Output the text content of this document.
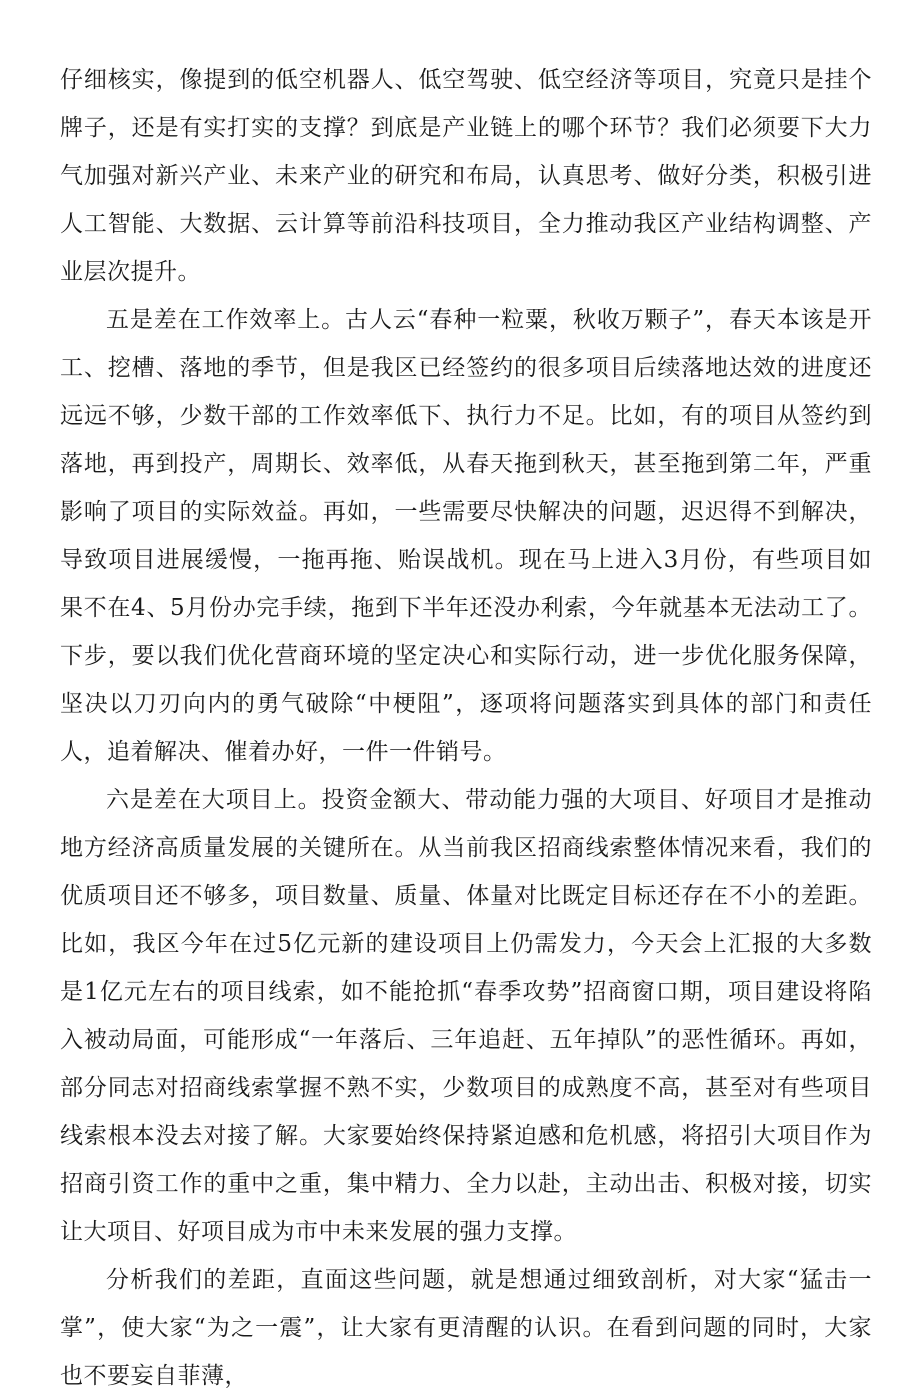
仔细核实，像提到的低空机器人、低空驾驶、低空经济等项目，究竟只是挂个牌子，还是有实打实的支撑？到底是产业链上的哪个环节？我们必须要下大力气加强对新兴产业、未来产业的研究和布局，认真思考、做好分类，积极引进人工智能、大数据、云计算等前沿科技项目，全力推动我区产业结构调整、产业层次提升。

五是差在工作效率上。古人云“春种一粒粟，秋收万颗子”，春天本该是开工、挖槽、落地的季节，但是我区已经签约的很多项目后续落地达效的进度还远远不够，少数干部的工作效率低下、执行力不足。比如，有的项目从签约到落地，再到投产，周期长、效率低，从春天拖到秋天，甚至拖到第二年，严重影响了项目的实际效益。再如，一些需要尽快解决的问题，迟迟得不到解决，导致项目进展缓慢，一拖再拖、贻误战机。现在马上进入3月份，有些项目如果不在4、5月份办完手续，拖到下半年还没办利索，今年就基本无法动工了。下步，要以我们优化营商环境的坚定决心和实际行动，进一步优化服务保障，坚决以刀刃向内的勇气破除“中梗阻”，逐项将问题落实到具体的部门和责任人，追着解决、催着办好，一件一件销号。

六是差在大项目上。投资金额大、带动能力强的大项目、好项目才是推动地方经济高质量发展的关键所在。从当前我区招商线索整体情况来看，我们的优质项目还不够多，项目数量、质量、体量对比既定目标还存在不小的差距。比如，我区今年在过5亿元新的建设项目上仍需发力，今天会上汇报的大多数是1亿元左右的项目线索，如不能抢抓“春季攻势”招商窗口期，项目建设将陷入被动局面，可能形成“一年落后、三年追赶、五年掉队”的恶性循环。再如，部分同志对招商线索掌握不熟不实，少数项目的成熟度不高，甚至对有些项目线索根本没去对接了解。大家要始终保持紧迫感和危机感，将招引大项目作为招商引资工作的重中之重，集中精力、全力以赴，主动出击、积极对接，切实让大项目、好项目成为市中未来发展的强力支撑。

分析我们的差距，直面这些问题，就是想通过细致剖析，对大家“猛击一掌”，使大家“为之一震”，让大家有更清醒的认识。在看到问题的同时，大家也不要妄自菲薄，
